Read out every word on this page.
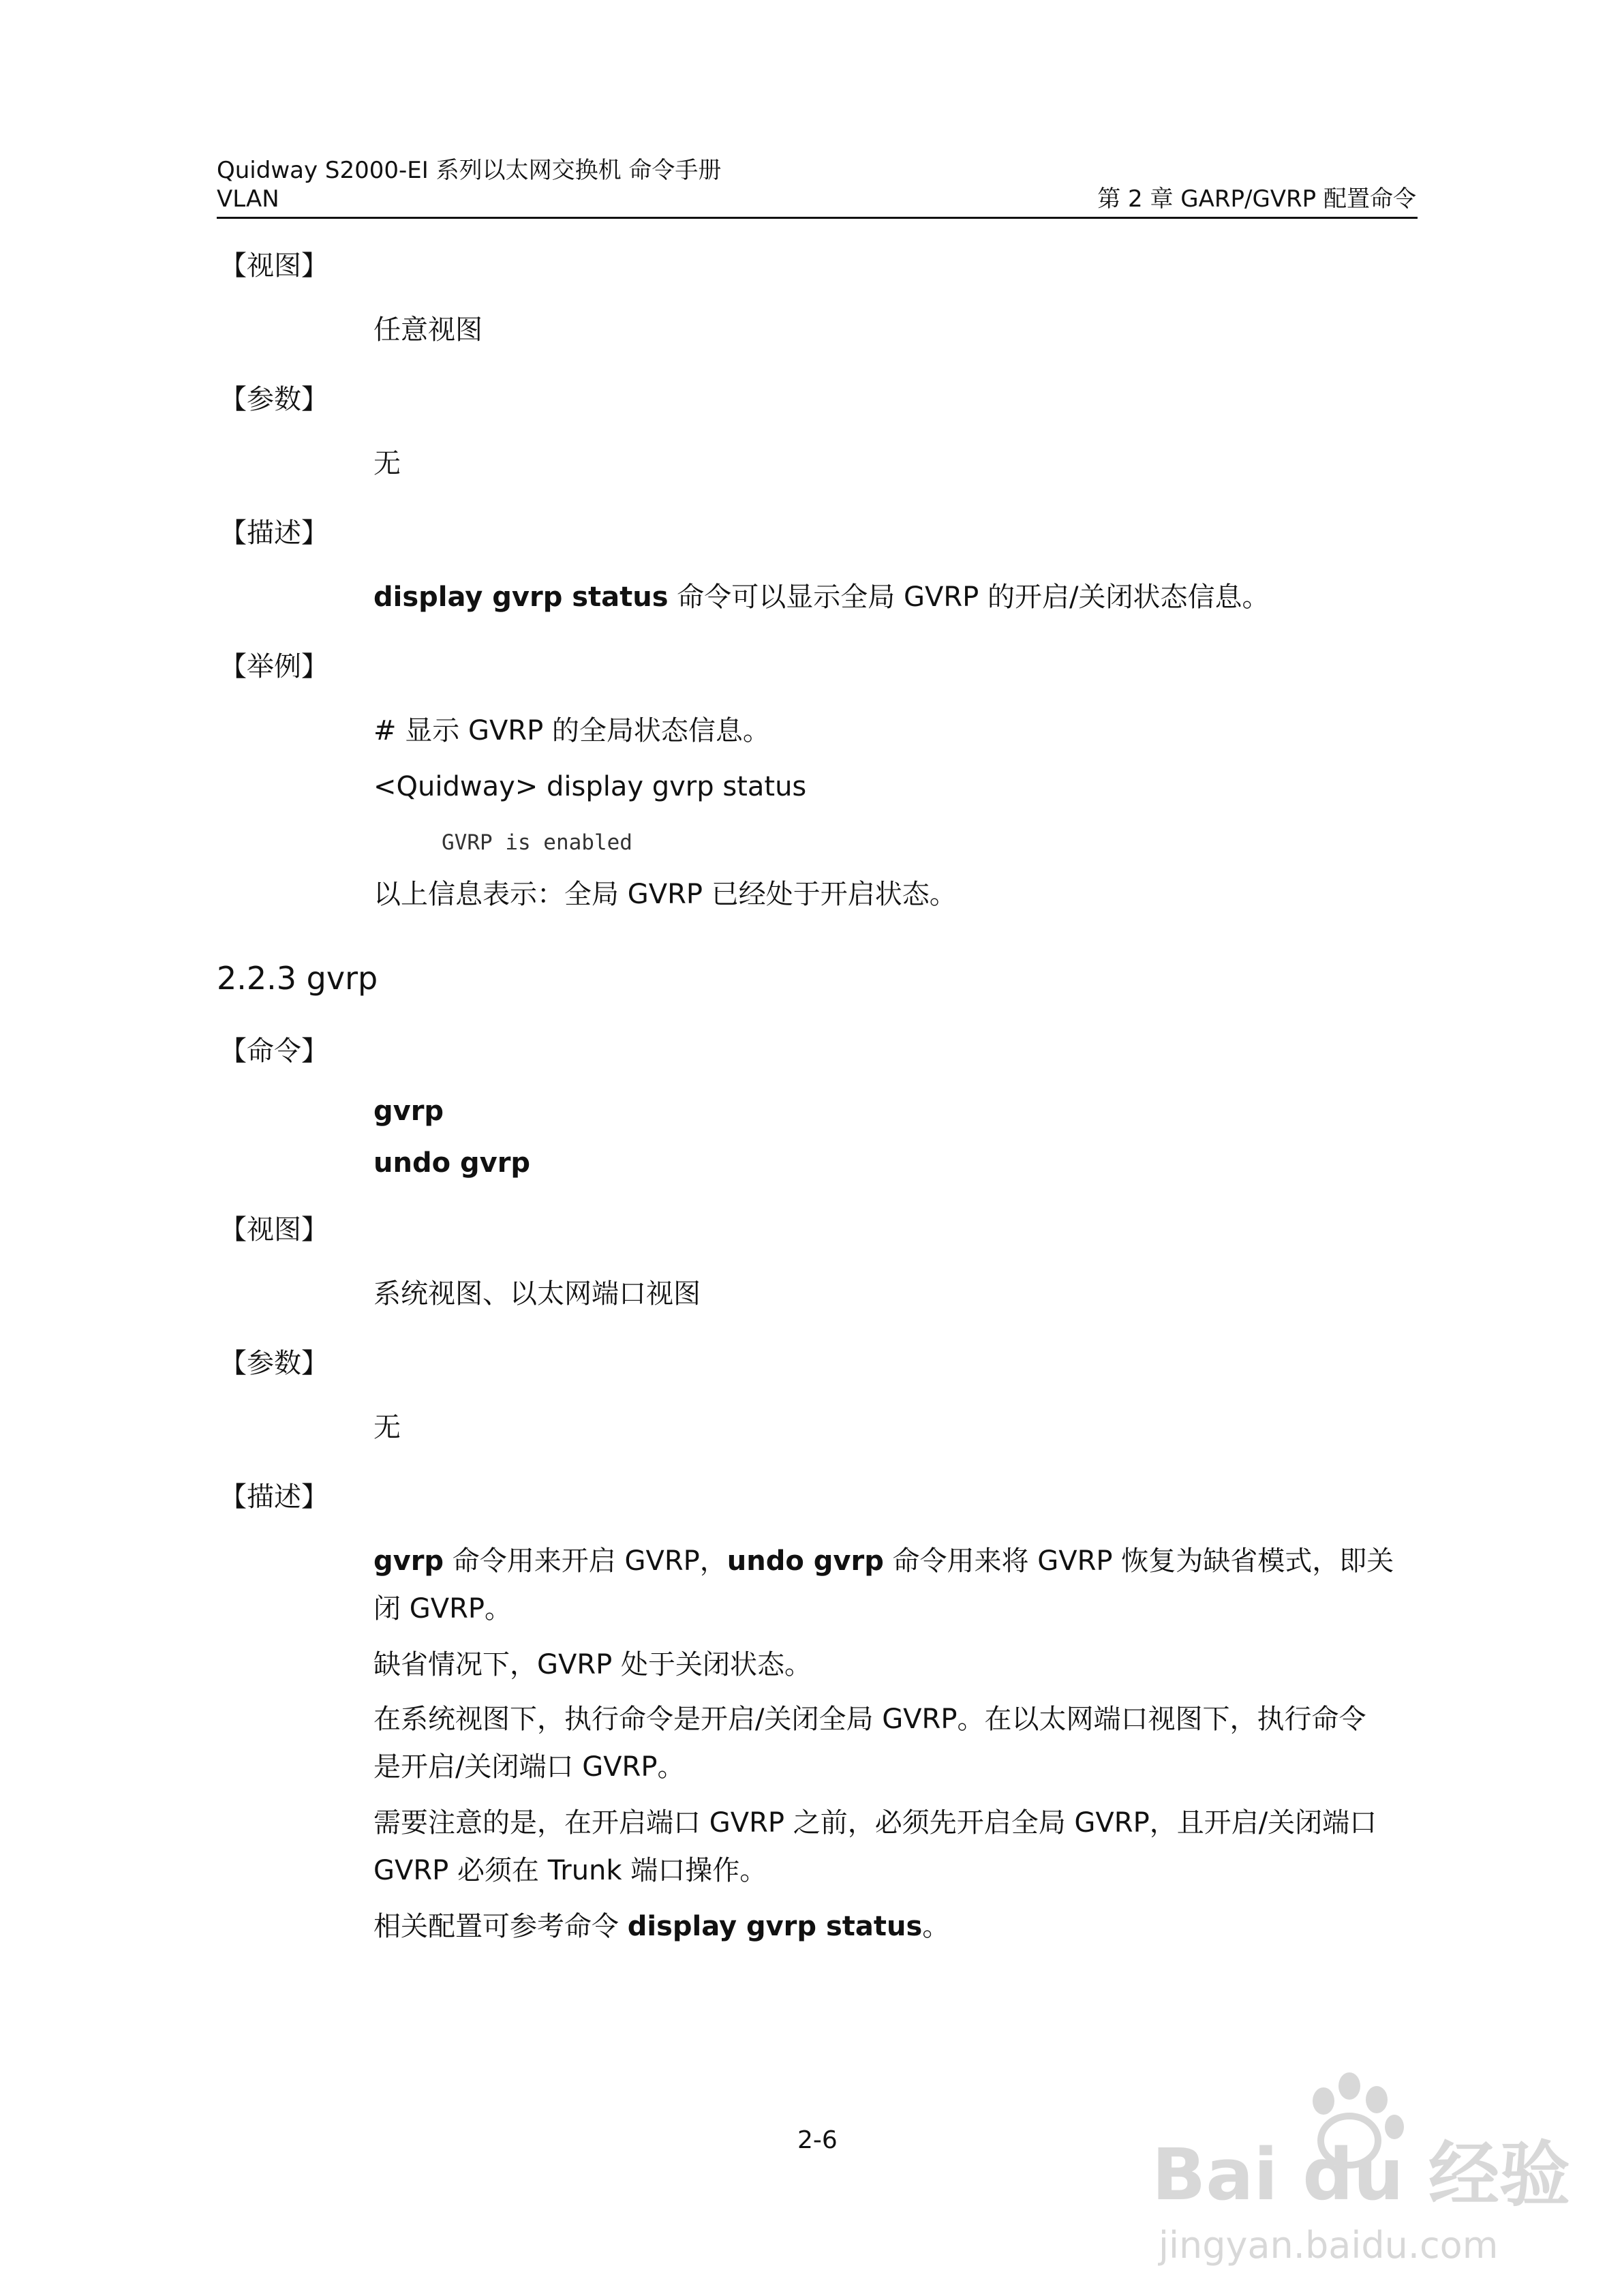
Quidway S2000-EI 系列以太网交换机 命令手册
VLAN	第 2 章 GARP/GVRP 配置命令
【视图】
任意视图
【参数】
无
【描述】
display gvrp status 命令可以显示全局 GVRP 的开启/关闭状态信息。
【举例】
# 显示 GVRP 的全局状态信息。
<Quidway> display gvrp status
GVRP is enabled
以上信息表示：全局 GVRP 已经处于开启状态。
2.2.3 gvrp
【命令】
gvrp
undo gvrp
【视图】
系统视图、以太网端口视图
【参数】
无
【描述】
gvrp 命令用来开启 GVRP，undo gvrp 命令用来将 GVRP 恢复为缺省模式，即关
闭 GVRP。
缺省情况下，GVRP 处于关闭状态。
在系统视图下，执行命令是开启/关闭全局 GVRP。在以太网端口视图下，执行命令
是开启/关闭端口 GVRP。
需要注意的是，在开启端口 GVRP 之前，必须先开启全局 GVRP，且开启/关闭端口
GVRP 必须在 Trunk 端口操作。
相关配置可参考命令 display gvrp status。
2-6	Bai du 经验
jingyan.baidu.com
